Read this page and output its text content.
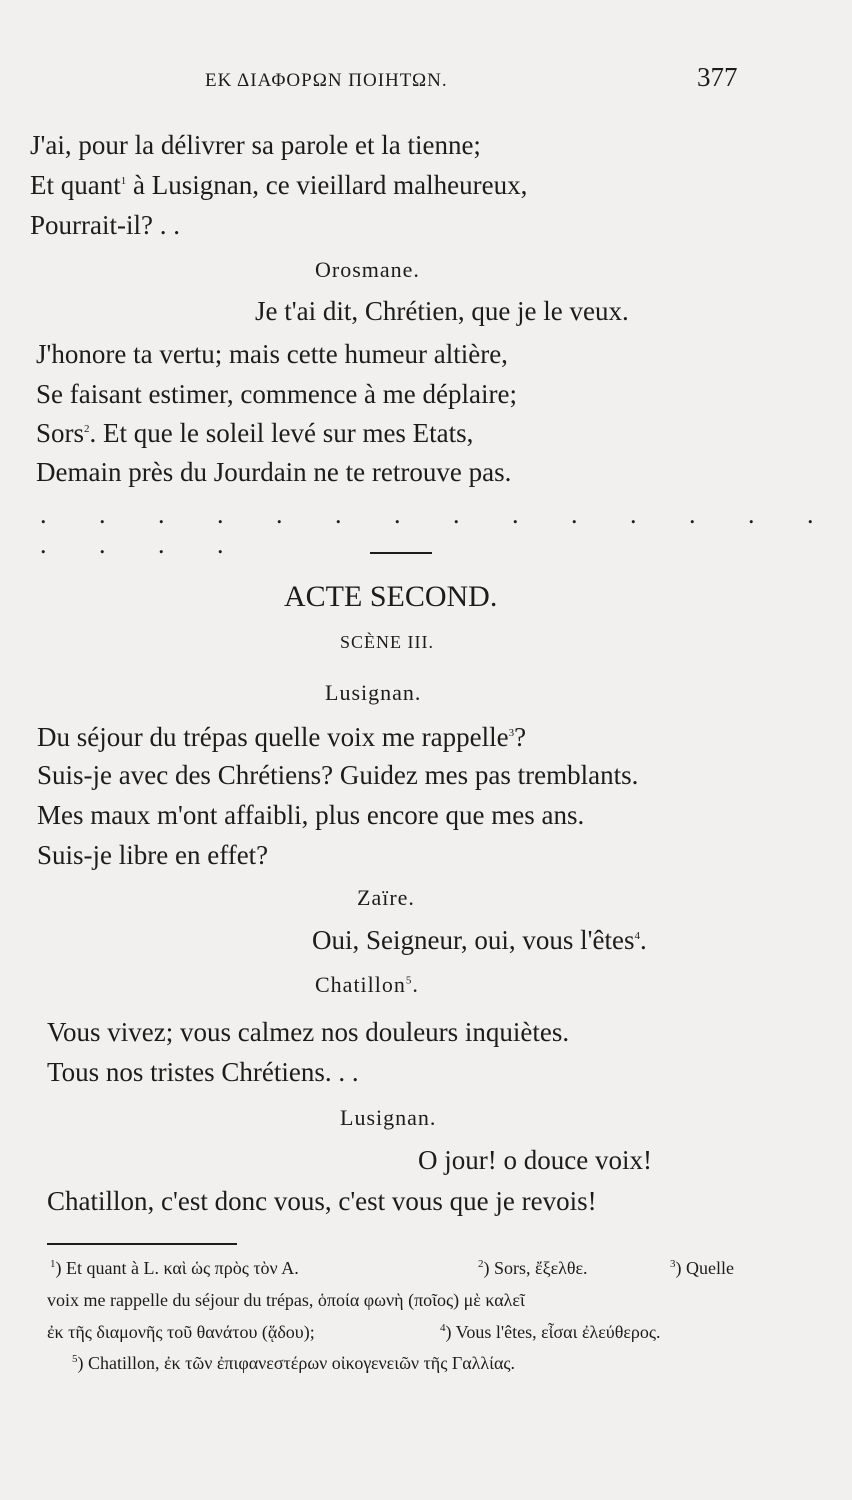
ΕΚ ΔΙΑΦΟΡΩΝ ΠΟΙΗΤΩΝ.	377
J'ai, pour la délivrer sa parole et la tienne;
Et quant$^1$ à Lusignan, ce vieillard malheureux,
Pourrait-il? . .
Orosmane.
Je t'ai dit, Chrétien, que je le veux.
J'honore ta vertu; mais cette humeur altière,
Se faisant estimer, commence à me déplaire;
Sors$^2$. Et que le soleil levé sur mes Etats,
Demain près du Jourdain ne te retrouve pas.
. . . . . . . . . . . . . . . . . .
ACTE SECOND.
SCÈNE III.
Lusignan.
Du séjour du trépas quelle voix me rappelle$^3$?
Suis-je avec des Chrétiens? Guidez mes pas tremblants.
Mes maux m'ont affaibli, plus encore que mes ans.
Suis-je libre en effet?
Zaïre.
Oui, Seigneur, oui, vous l'êtes$^4$.
Chatillon$^5$.
Vous vivez; vous calmez nos douleurs inquiètes.
Tous nos tristes Chrétiens. . .
Lusignan.
O jour! o douce voix!
Chatillon, c'est donc vous, c'est vous que je revois!
$^1$) Et quant à L. καὶ ὡς πρὸς τὸν Α.	$^2$) Sors, ἔξελθε.	$^3$) Quelle
voix me rappelle du séjour du trépas, ὁποία φωνὴ (ποῖος) μὲ καλεῖ
ἐκ τῆς διαμονῆς τοῦ θανάτου (ᾅδου);	$^4$) Vous l'êtes, εἶσαι ἐλεύθερος.
$^5$) Chatillon, ἐκ τῶν ἐπιφανεστέρων οἰκογενειῶν τῆς Γαλλίας.
